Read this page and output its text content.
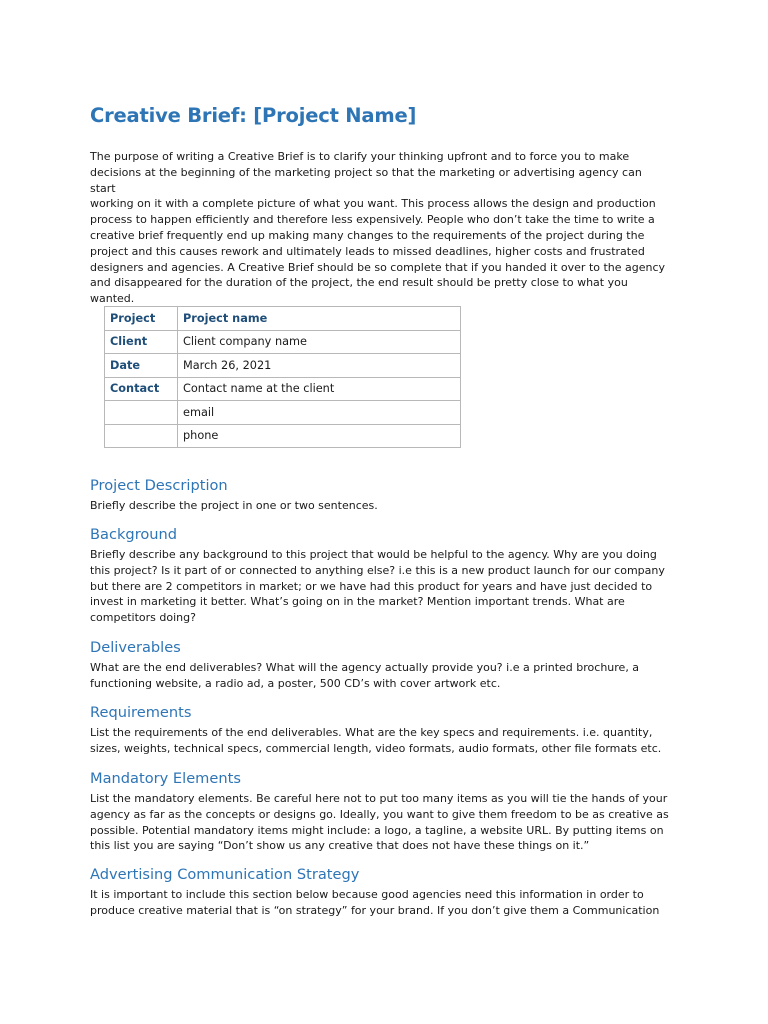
Creative Brief: [Project Name]

The purpose of writing a Creative Brief is to clarify your thinking upfront and to force you to make
decisions at the beginning of the marketing project so that the marketing or advertising agency can start
working on it with a complete picture of what you want. This process allows the design and production
process to happen efficiently and therefore less expensively. People who don’t take the time to write a
creative brief frequently end up making many changes to the requirements of the project during the
project and this causes rework and ultimately leads to missed deadlines, higher costs and frustrated
designers and agencies. A Creative Brief should be so complete that if you handed it over to the agency
and disappeared for the duration of the project, the end result should be pretty close to what you
wanted.

Project	Project name
Client	Client company name
Date	March 26, 2021
Contact	Contact name at the client
	email
	phone
Project Description

Briefly describe the project in one or two sentences.

Background

Briefly describe any background to this project that would be helpful to the agency. Why are you doing
this project? Is it part of or connected to anything else? i.e this is a new product launch for our company
but there are 2 competitors in market; or we have had this product for years and have just decided to
invest in marketing it better. What’s going on in the market? Mention important trends. What are
competitors doing?

Deliverables

What are the end deliverables? What will the agency actually provide you? i.e a printed brochure, a
functioning website, a radio ad, a poster, 500 CD’s with cover artwork etc.

Requirements

List the requirements of the end deliverables. What are the key specs and requirements. i.e. quantity,
sizes, weights, technical specs, commercial length, video formats, audio formats, other file formats etc.

Mandatory Elements

List the mandatory elements. Be careful here not to put too many items as you will tie the hands of your
agency as far as the concepts or designs go. Ideally, you want to give them freedom to be as creative as
possible. Potential mandatory items might include: a logo, a tagline, a website URL. By putting items on
this list you are saying “Don’t show us any creative that does not have these things on it.”

Advertising Communication Strategy

It is important to include this section below because good agencies need this information in order to
produce creative material that is “on strategy” for your brand. If you don’t give them a Communication
